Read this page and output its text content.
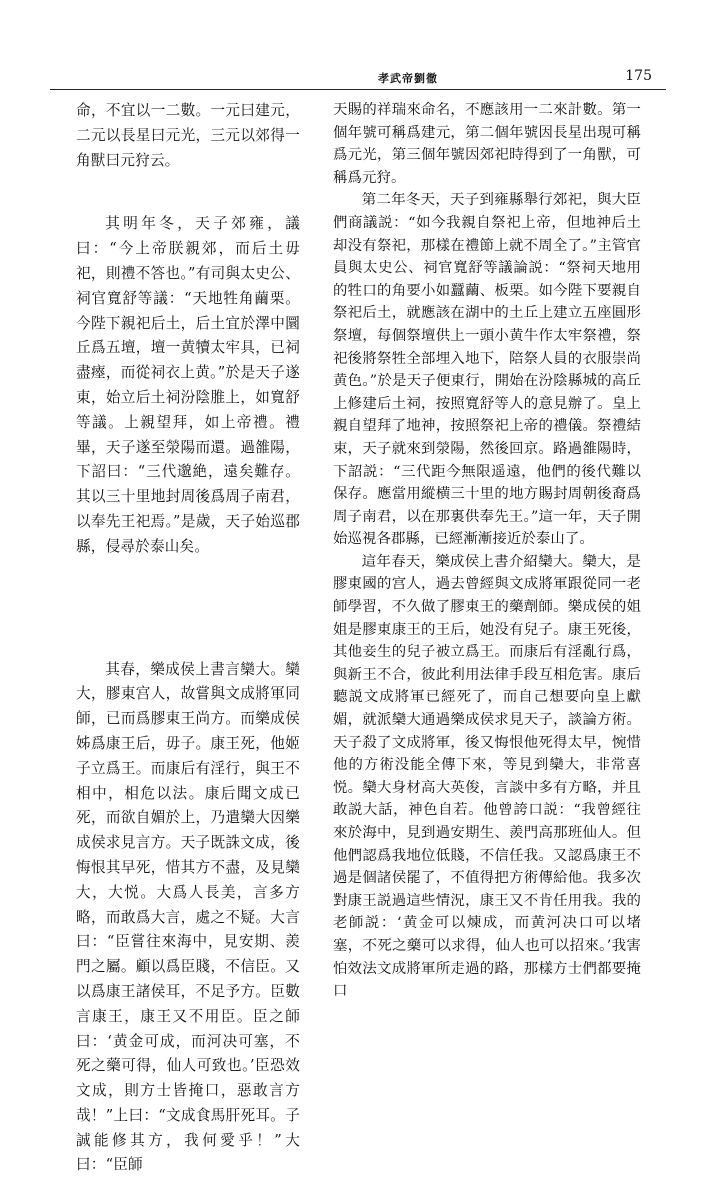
孝武帝劉徹	175

命，不宜以一二數。一元曰建元，二元以長星曰元光，三元以郊得一角獸曰元狩云。

其明年冬，天子郊雍，議曰：“今上帝朕親郊，而后土毋祀，則禮不答也。”有司與太史公、祠官寬舒等議：“天地牲角繭栗。今陛下親祀后土，后土宜於澤中圜丘爲五壇，壇一黄犢太牢具，已祠盡瘞，而從祠衣上黄。”於是天子遂東，始立后土祠汾陰脽上，如寬舒等議。上親望拜，如上帝禮。禮畢，天子遂至滎陽而還。過雒陽，下詔曰：“三代邈絶，遠矣難存。其以三十里地封周後爲周子南君，以奉先王祀焉。”是歲，天子始巡郡縣，侵尋於泰山矣。

其春，樂成侯上書言欒大。欒大，膠東宫人，故嘗與文成將軍同師，已而爲膠東王尚方。而樂成侯姊爲康王后，毋子。康王死，他姬子立爲王。而康后有淫行，與王不相中，相危以法。康后聞文成已死，而欲自媚於上，乃遣欒大因樂成侯求見言方。天子既誅文成，後悔恨其早死，惜其方不盡，及見欒大，大悦。大爲人長美，言多方略，而敢爲大言，處之不疑。大言曰：“臣嘗往來海中，見安期、羨門之屬。顧以爲臣賤，不信臣。又以爲康王諸侯耳，不足予方。臣數言康王，康王又不用臣。臣之師曰：‘黄金可成，而河决可塞，不死之藥可得，仙人可致也。’臣恐效文成，則方士皆掩口，惡敢言方哉！”上曰：“文成食馬肝死耳。子誠能修其方，我何愛乎！”大曰：“臣師

天賜的祥瑞來命名，不應該用一二來計數。第一個年號可稱爲建元，第二個年號因長星出現可稱爲元光，第三個年號因郊祀時得到了一角獸，可稱爲元狩。

第二年冬天，天子到雍縣舉行郊祀，與大臣們商議説：“如今我親自祭祀上帝，但地神后土却没有祭祀，那樣在禮節上就不周全了。”主管官員與太史公、祠官寬舒等議論説：“祭祠天地用的牲口的角要小如蠶繭、板栗。如今陛下要親自祭祀后土，就應該在湖中的土丘上建立五座圓形祭壇，每個祭壇供上一頭小黄牛作太牢祭禮，祭祀後將祭牲全部埋入地下，陪祭人員的衣服崇尚黄色。”於是天子便東行，開始在汾陰縣城的高丘上修建后土祠，按照寬舒等人的意見辦了。皇上親自望拜了地神，按照祭祀上帝的禮儀。祭禮結束，天子就來到滎陽，然後回京。路過雒陽時，下詔説：“三代距今無限遥遠，他們的後代難以保存。應當用縱横三十里的地方賜封周朝後裔爲周子南君，以在那裏供奉先王。”這一年，天子開始巡視各郡縣，已經漸漸接近於泰山了。

這年春天，樂成侯上書介紹欒大。欒大，是膠東國的宫人，過去曾經與文成將軍跟從同一老師學習，不久做了膠東王的藥劑師。樂成侯的姐姐是膠東康王的王后，她没有兒子。康王死後，其他妾生的兒子被立爲王。而康后有淫亂行爲，與新王不合，彼此利用法律手段互相危害。康后聽説文成將軍已經死了，而自己想要向皇上獻媚，就派欒大通過樂成侯求見天子，談論方術。天子殺了文成將軍，後又悔恨他死得太早，惋惜他的方術没能全傳下來，等見到欒大，非常喜悦。欒大身材高大英俊，言談中多有方略，并且敢説大話，神色自若。他曾誇口説：“我曾經往來於海中，見到過安期生、羨門高那班仙人。但他們認爲我地位低賤，不信任我。又認爲康王不過是個諸侯罷了，不值得把方術傳給他。我多次對康王説過這些情況，康王又不肯任用我。我的老師説：‘黄金可以煉成，而黄河决口可以堵塞，不死之藥可以求得，仙人也可以招來。’我害怕效法文成將軍所走過的路，那樣方士們都要掩口
